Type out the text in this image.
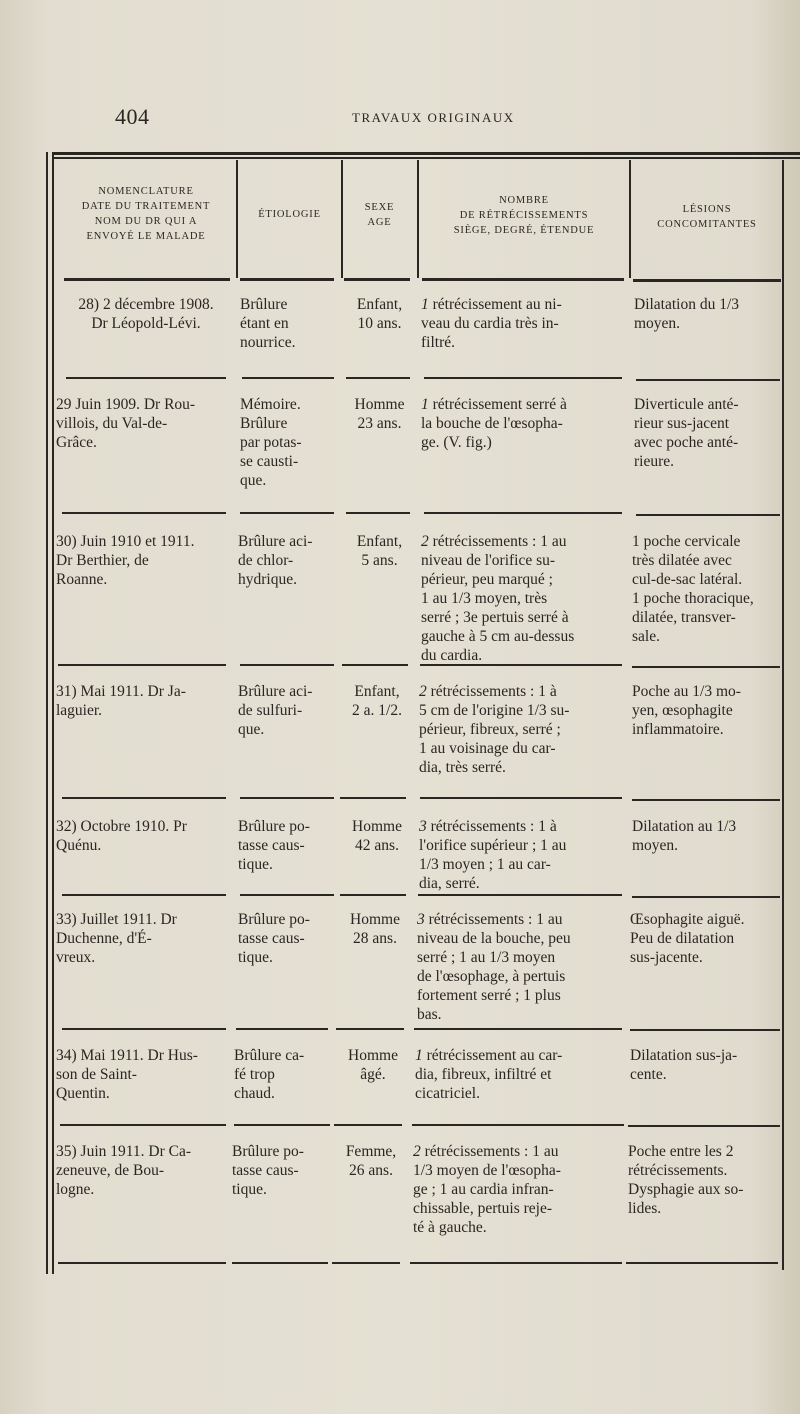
404	TRAVAUX ORIGINAUX
NOMENCLATURE
DATE DU TRAITEMENT
NOM DU DR QUI A
ENVOYÉ LE MALADE
ÉTIOLOGIE
SEXE
AGE
NOMBRE
DE RÉTRÉCISSEMENTS
SIÈGE, DEGRÉ, ÉTENDUE
LÉSIONS
CONCOMITANTES
28) 2 décembre 1908.
Dr Léopold-Lévi.
Brûlure
étant en
nourrice.
Enfant,
10 ans.
1 rétrécissement au ni-
veau du cardia très in-
filtré.
Dilatation du 1/3
moyen.
29 Juin 1909. Dr Rou-
villois, du Val-de-
Grâce.
Mémoire.
Brûlure
par potas-
se causti-
que.
Homme
23 ans.
1 rétrécissement serré à
la bouche de l'œsopha-
ge. (V. fig.)
Diverticule anté-
rieur sus-jacent
avec poche anté-
rieure.
30) Juin 1910 et 1911.
Dr Berthier, de
Roanne.
Brûlure aci-
de chlor-
hydrique.
Enfant,
5 ans.
2 rétrécissements : 1 au
niveau de l'orifice su-
périeur, peu marqué ;
1 au 1/3 moyen, très
serré ; 3e pertuis serré à
gauche à 5 cm au-dessus
du cardia.
1 poche cervicale
très dilatée avec
cul-de-sac latéral.
1 poche thoracique,
dilatée, transver-
sale.
31) Mai 1911. Dr Ja-
laguier.
Brûlure aci-
de sulfuri-
que.
Enfant,
2 a. 1/2.
2 rétrécissements : 1 à
5 cm de l'origine 1/3 su-
périeur, fibreux, serré ;
1 au voisinage du car-
dia, très serré.
Poche au 1/3 mo-
yen, œsophagite
inflammatoire.
32) Octobre 1910. Pr
Quénu.
Brûlure po-
tasse caus-
tique.
Homme
42 ans.
3 rétrécissements : 1 à
l'orifice supérieur ; 1 au
1/3 moyen ; 1 au car-
dia, serré.
Dilatation au 1/3
moyen.
33) Juillet 1911. Dr
Duchenne, d'É-
vreux.
Brûlure po-
tasse caus-
tique.
Homme
28 ans.
3 rétrécissements : 1 au
niveau de la bouche, peu
serré ; 1 au 1/3 moyen
de l'œsophage, à pertuis
fortement serré ; 1 plus
bas.
Œsophagite aiguë.
Peu de dilatation
sus-jacente.
34) Mai 1911. Dr Hus-
son de Saint-
Quentin.
Brûlure ca-
fé trop
chaud.
Homme
âgé.
1 rétrécissement au car-
dia, fibreux, infiltré et
cicatriciel.
Dilatation sus-ja-
cente.
35) Juin 1911. Dr Ca-
zeneuve, de Bou-
logne.
Brûlure po-
tasse caus-
tique.
Femme,
26 ans.
2 rétrécissements : 1 au
1/3 moyen de l'œsopha-
ge ; 1 au cardia infran-
chissable, pertuis reje-
té à gauche.
Poche entre les 2
rétrécissements.
Dysphagie aux so-
lides.
